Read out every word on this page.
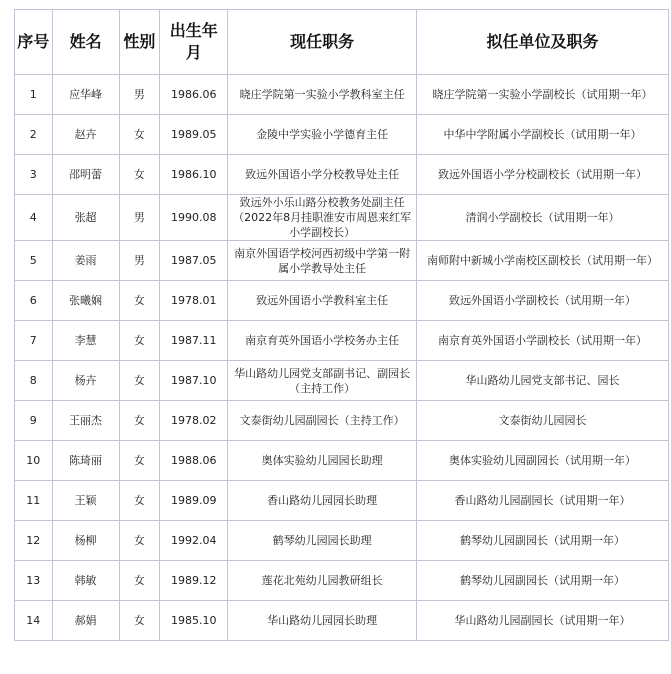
序号	姓名	性别	出生年月	现任职务	拟任单位及职务
1	应华峰	男	1986.06	晓庄学院第一实验小学教科室主任	晓庄学院第一实验小学副校长（试用期一年）
2	赵卉	女	1989.05	金陵中学实验小学德育主任	中华中学附属小学副校长（试用期一年）
3	邵明蕾	女	1986.10	致远外国语小学分校教导处主任	致远外国语小学分校副校长（试用期一年）
4	张超	男	1990.08	致远外小乐山路分校教务处副主任（2022年8月挂职淮安市周恩来红军小学副校长）	清润小学副校长（试用期一年）
5	姜雨	男	1987.05	南京外国语学校河西初级中学第一附属小学教导处主任	南师附中新城小学南校区副校长（试用期一年）
6	张曦娴	女	1978.01	致远外国语小学教科室主任	致远外国语小学副校长（试用期一年）
7	李慧	女	1987.11	南京育英外国语小学校务办主任	南京育英外国语小学副校长（试用期一年）
8	杨卉	女	1987.10	华山路幼儿园党支部副书记、副园长（主持工作）	华山路幼儿园党支部书记、园长
9	王丽杰	女	1978.02	文泰街幼儿园副园长（主持工作）	文泰街幼儿园园长
10	陈琦丽	女	1988.06	奥体实验幼儿园园长助理	奥体实验幼儿园副园长（试用期一年）
11	王颖	女	1989.09	香山路幼儿园园长助理	香山路幼儿园副园长（试用期一年）
12	杨柳	女	1992.04	鹤琴幼儿园园长助理	鹤琴幼儿园副园长（试用期一年）
13	韩敏	女	1989.12	莲花北苑幼儿园教研组长	鹤琴幼儿园副园长（试用期一年）
14	郝娟	女	1985.10	华山路幼儿园园长助理	华山路幼儿园副园长（试用期一年）
